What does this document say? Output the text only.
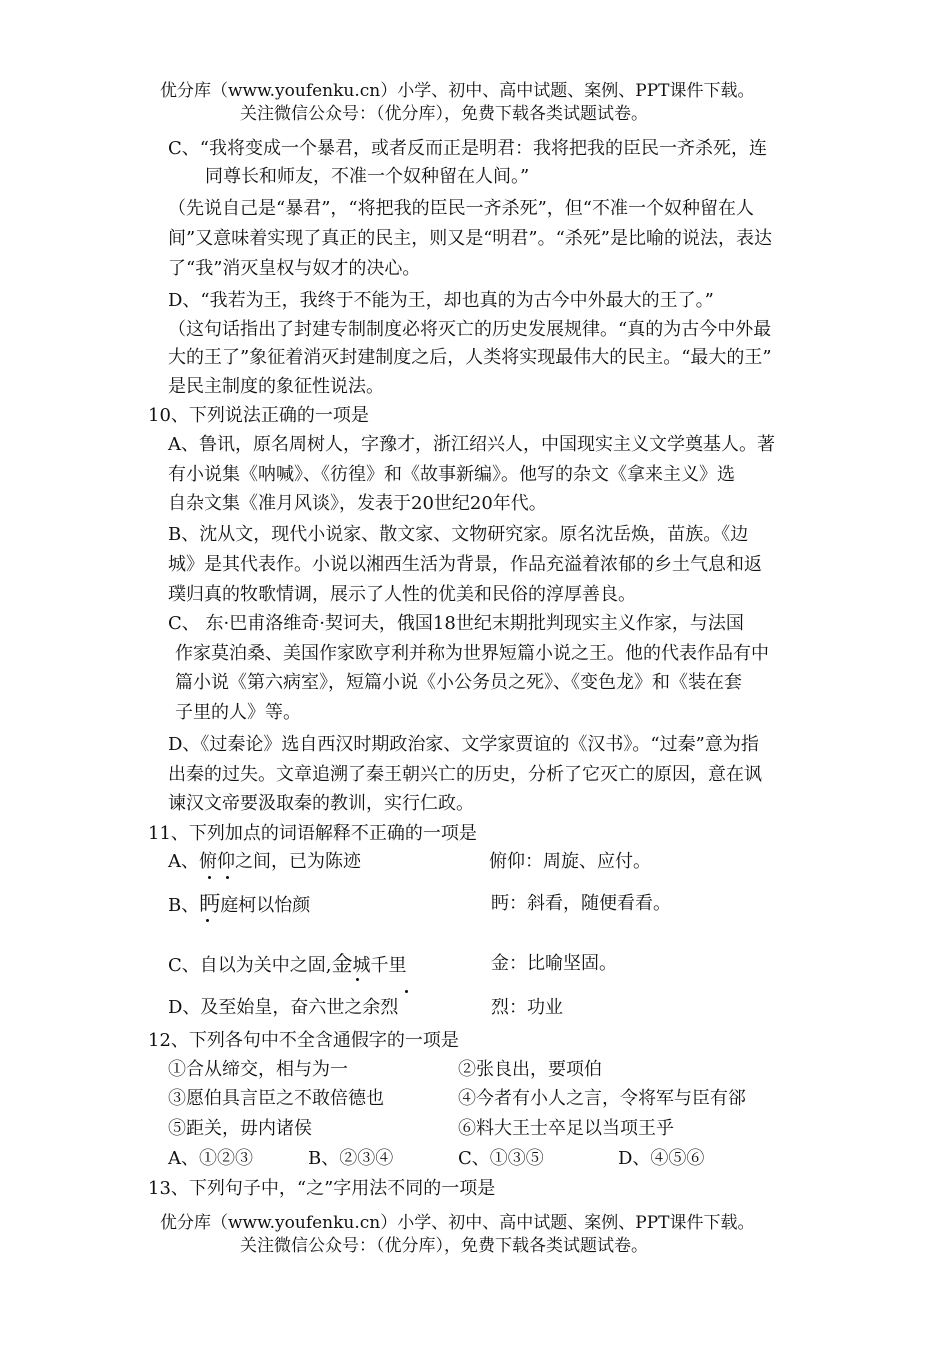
优分库（www.youfenku.cn）小学、初中、高中试题、案例、PPT课件下载。
关注微信公众号：（优分库），免费下载各类试题试卷。
C、“我将变成一个暴君，或者反而正是明君：我将把我的臣民一齐杀死，连
同尊长和师友，不准一个奴种留在人间。”
（先说自己是“暴君”，“将把我的臣民一齐杀死”，但“不准一个奴种留在人
间”又意味着实现了真正的民主，则又是“明君”。“杀死”是比喻的说法，表达
了“我”消灭皇权与奴才的决心。
D、“我若为王，我终于不能为王，却也真的为古今中外最大的王了。”
（这句话指出了封建专制制度必将灭亡的历史发展规律。“真的为古今中外最
大的王了”象征着消灭封建制度之后，人类将实现最伟大的民主。“最大的王”
是民主制度的象征性说法。
10、下列说法正确的一项是
A、鲁讯，原名周树人，字豫才，浙江绍兴人，中国现实主义文学奠基人。著
有小说集《呐喊》、《彷徨》和《故事新编》。他写的杂文《拿来主义》选
自杂文集《准月风谈》，发表于20世纪20年代。
B、沈从文，现代小说家、散文家、文物研究家。原名沈岳焕，苗族。《边
城》是其代表作。小说以湘西生活为背景，作品充溢着浓郁的乡土气息和返
璞归真的牧歌情调，展示了人性的优美和民俗的淳厚善良。
C、 东·巴甫洛维奇·契诃夫，俄国18世纪末期批判现实主义作家，与法国
作家莫泊桑、美国作家欧亨利并称为世界短篇小说之王。他的代表作品有中
篇小说《第六病室》，短篇小说《小公务员之死》、《变色龙》和《装在套
子里的人》等。
D、《过秦论》选自西汉时期政治家、文学家贾谊的《汉书》。“过秦”意为指
出秦的过失。文章追溯了秦王朝兴亡的历史，分析了它灭亡的原因，意在讽
谏汉文帝要汲取秦的教训，实行仁政。
11、下列加点的词语解释不正确的一项是
A、俯仰之间，已为陈迹	俯仰：周旋、应付。
B、眄庭柯以怡颜	眄：斜看，随便看看。
C、自以为关中之固,金城千里	金：比喻坚固。
D、及至始皇，奋六世之余烈	烈：功业
12、下列各句中不全含通假字的一项是
①合从缔交，相与为一	②张良出，要项伯
③愿伯具言臣之不敢倍德也	④今者有小人之言，令将军与臣有郤
⑤距关，毋内诸侯	⑥料大王士卒足以当项王乎
A、①②③	B、②③④	C、①③⑤	D、④⑤⑥
13、下列句子中，“之”字用法不同的一项是
优分库（www.youfenku.cn）小学、初中、高中试题、案例、PPT课件下载。
关注微信公众号：（优分库），免费下载各类试题试卷。
